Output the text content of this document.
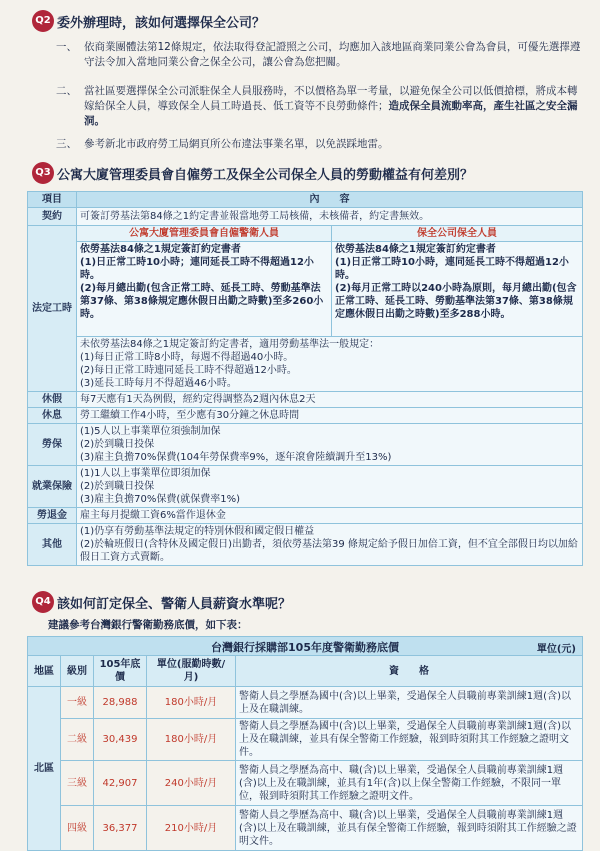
Q2 委外辦理時，該如何選擇保全公司？
一、 依商業團體法第12條規定，依法取得登記證照之公司，均應加入該地區商業同業公會為會員，可優先選擇遵守法令加入當地同業公會之保全公司，讓公會為您把關。
二、 當社區要選擇保全公司派駐保全人員服務時，不以價格為單一考量，以避免保全公司以低價搶標，將成本轉嫁給保全人員，導致保全人員工時過長、低工資等不良勞動條件；造成保全員流動率高，產生社區之安全漏洞。
三、 參考新北市政府勞工局網頁所公布違法事業名單，以免誤踩地雷。
Q3 公寓大廈管理委員會自僱勞工及保全公司保全人員的勞動權益有何差別？
項目	內　　容	
契約	可簽訂勞基法第84條之1約定書並報當地勞工局核備，未核備者，約定書無效。	
法定工時	公寓大廈管理委員會自僱警衛人員	保全公司保全人員

	依勞基法84條之1規定簽訂約定書者
(1)日正常工時10小時；連同延長工時不得超過12小時。
(2)每月總出勤(包含正常工時、延長工時、勞動基準法第37條、第38條規定應休假日出勤之時數)至多260小時。	依勞基法84條之1規定簽訂約定書者
(1)日正常工時10小時，連同延長工時不得超過12小時。
(2)每月正常工時以240小時為原則，每月總出勤(包含正常工時、延長工時、勞動基準法第37條、第38條規定應休假日出勤之時數)至多288小時。

	未依勞基法84條之1規定簽訂約定書者，適用勞動基準法一般規定：
(1)每日正常工時8小時，每週不得超過40小時。
(2)每日正常工時連同延長工時不得超過12小時。
(3)延長工時每月不得超過46小時。	

休假	每7天應有1天為例假，經約定得調整為2週內休息2天	
休息	勞工繼續工作4小時，至少應有30分鐘之休息時間	
勞保	(1)5人以上事業單位須強制加保
(2)於到職日投保
(3)雇主負擔70%保費(104年勞保費率9%，逐年滾會陸續調升至13%)	

就業保險	(1)1人以上事業單位即須加保
(2)於到職日投保
(3)雇主負擔70%保費(就保費率1%)	

勞退金	雇主每月提繳工資6%當作退休金	
其他	(1)仍享有勞動基準法規定的特別休假和國定假日權益
(2)於輪班假日(含特休及國定假日)出勤者，須依勞基法第39 條規定給予假日加倍工資，但不宜全部假日均以加給假日工資方式賣斷。	
Q4 該如何訂定保全、警衛人員薪資水準呢？
建議參考台灣銀行警衛勤務底價，如下表：
台灣銀行採購部105年度警衛勤務底價	單位(元)
地區	級別	105年底價	單位(服勤時數/月)	資　　格
北區	一級	28,988	180小時/月	警衛人員之學歷為國中(含)以上畢業，受過保全人員職前專業訓練1週(含)以上及在職訓練。
	二級	30,439	180小時/月	警衛人員之學歷為國中(含)以上畢業，受過保全人員職前專業訓練1週(含)以上及在職訓練，並具有保全警衛工作經驗，報到時須附其工作經驗之證明文件。
	三級	42,907	240小時/月	警衛人員之學歷為高中、職(含)以上畢業，受過保全人員職前專業訓練1週(含)以上及在職訓練，並具有1年(含)以上保全警衛工作經驗，不限同一單位，報到時須附其工作經驗之證明文件。
	四級	36,377	210小時/月	警衛人員之學歷為高中、職(含)以上畢業，受過保全人員職前專業訓練1週(含)以上及在職訓練，並具有保全警衛工作經驗，報到時須附其工作經驗之證明文件。
